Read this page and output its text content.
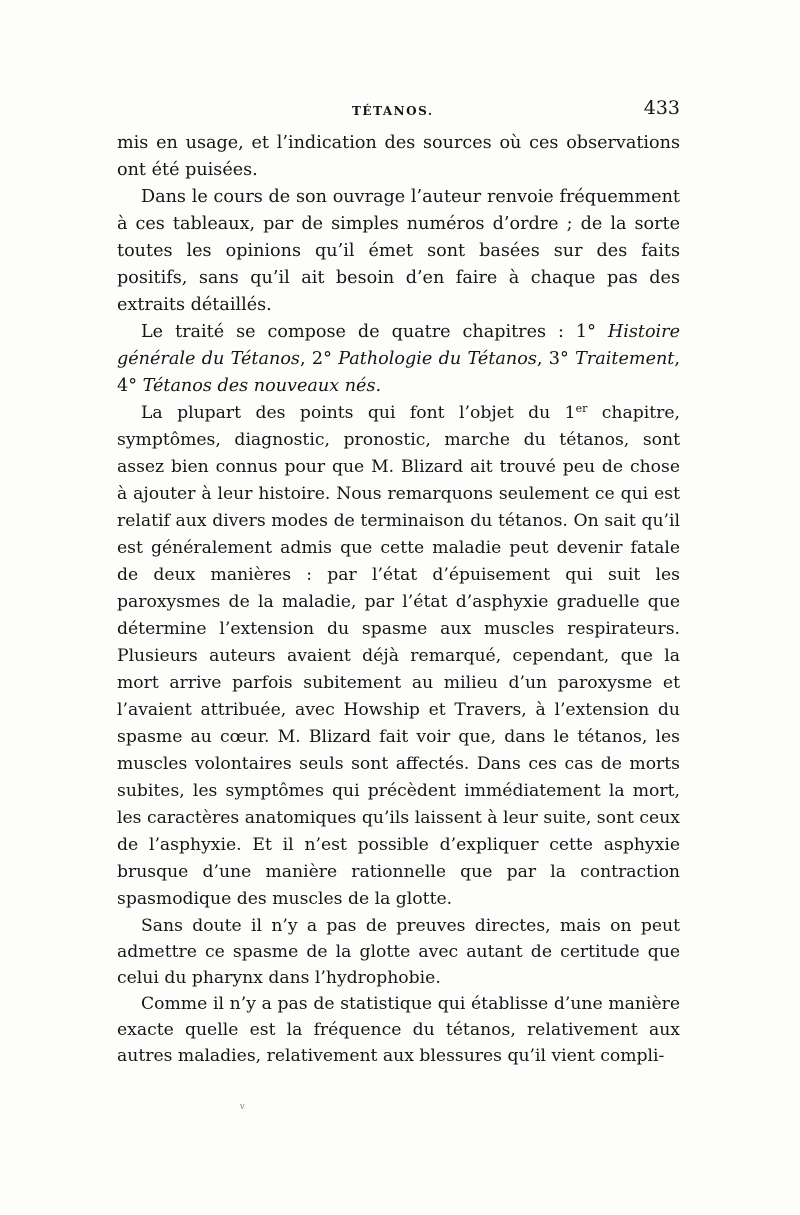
TÉTANOS.	433

mis en usage, et l’indication des sources où ces observations ont été puisées.

Dans le cours de son ouvrage l’auteur renvoie fréquemment à ces tableaux, par de simples numéros d’ordre ; de la sorte toutes les opinions qu’il émet sont basées sur des faits positifs, sans qu’il ait besoin d’en faire à chaque pas des extraits détaillés.

Le traité se compose de quatre chapitres : 1° Histoire générale du Tétanos, 2° Pathologie du Tétanos, 3° Traitement, 4° Tétanos des nouveaux nés.

La plupart des points qui font l’objet du 1er chapitre, symptômes, diagnostic, pronostic, marche du tétanos, sont assez bien connus pour que M. Blizard ait trouvé peu de chose à ajouter à leur histoire. Nous remarquons seulement ce qui est relatif aux divers modes de terminaison du tétanos. On sait qu’il est généralement admis que cette maladie peut devenir fatale de deux manières : par l’état d’épuisement qui suit les paroxysmes de la maladie, par l’état d’asphyxie graduelle que détermine l’extension du spasme aux muscles respirateurs. Plusieurs auteurs avaient déjà remarqué, cependant, que la mort arrive parfois subitement au milieu d’un paroxysme et l’avaient attribuée, avec Howship et Travers, à l’extension du spasme au cœur. M. Blizard fait voir que, dans le tétanos, les muscles volontaires seuls sont affectés. Dans ces cas de morts subites, les symptômes qui précèdent immédiatement la mort, les caractères anatomiques qu’ils laissent à leur suite, sont ceux de l’asphyxie. Et il n’est possible d’expliquer cette asphyxie brusque d’une manière rationnelle que par la contraction spasmodique des muscles de la glotte.

Sans doute il n’y a pas de preuves directes, mais on peut admettre ce spasme de la glotte avec autant de certitude que celui du pharynx dans l’hydrophobie.

Comme il n’y a pas de statistique qui établisse d’une manière exacte quelle est la fréquence du tétanos, relativement aux autres maladies, relativement aux blessures qu’il vient compli-

v
